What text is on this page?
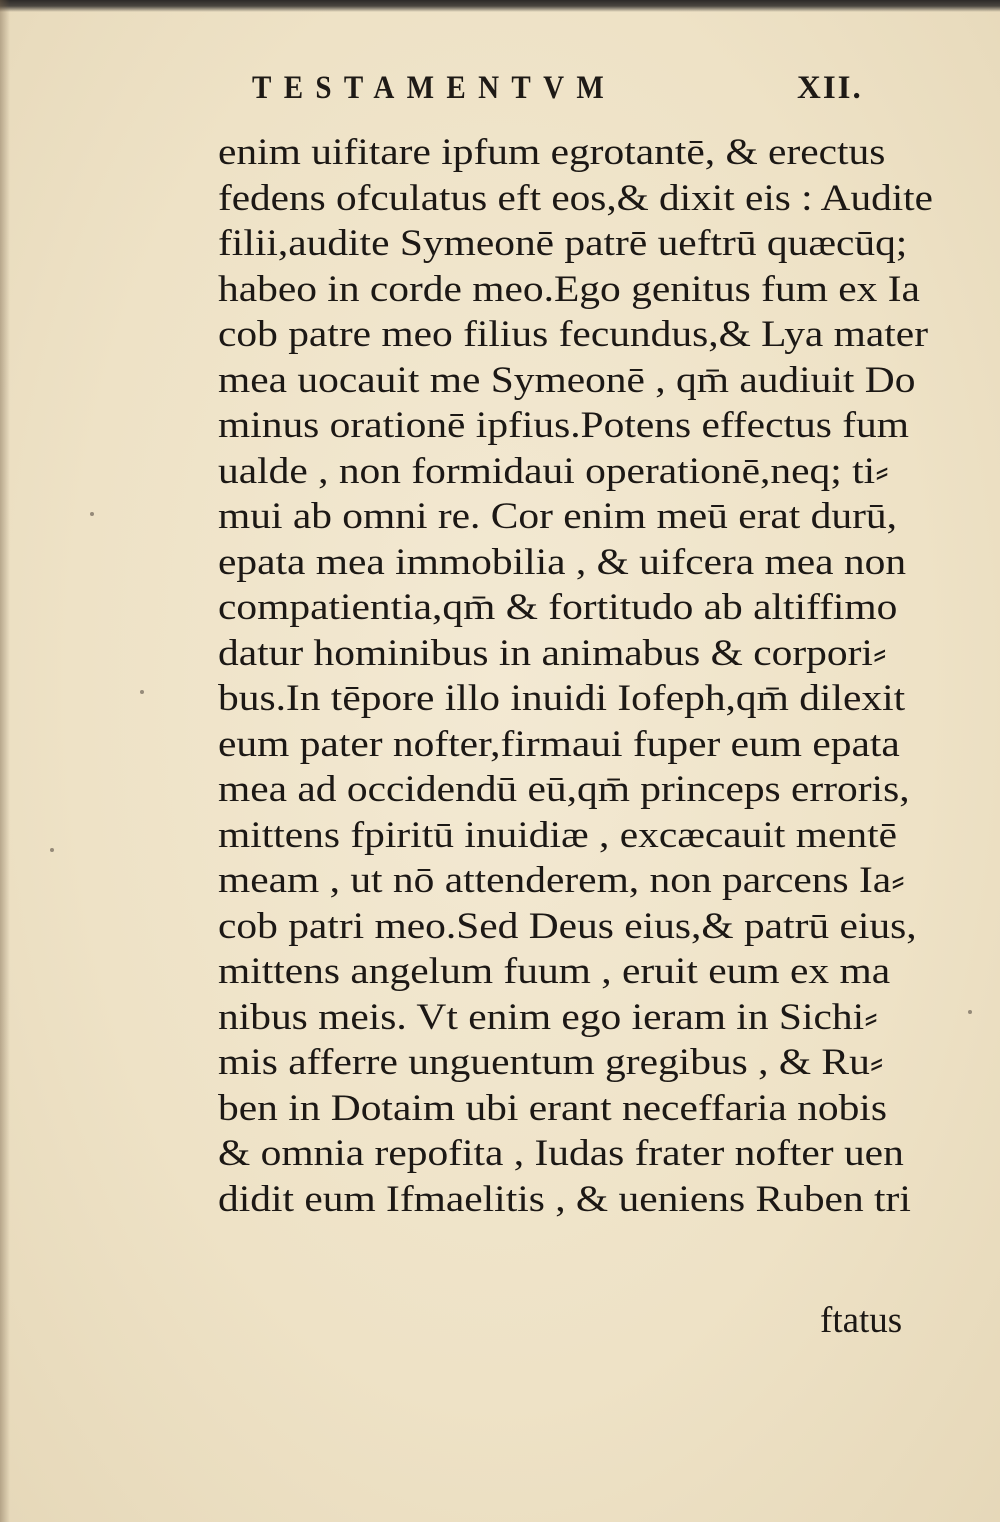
TESTAMENTVM	XII.
enim uifitare ipfum egrotantē, & erectus
fedens ofculatus eft eos,& dixit eis : Audite
filii,audite Symeonē patrē ueftrū quæcūq;
habeo in corde meo.Ego genitus fum ex Ia
cob patre meo filius fecundus,& Lya mater
mea uocauit me Symeonē , qm̄ audiuit Do
minus orationē ipfius.Potens effectus fum
ualde , non formidaui operationē,neq; ti⸗
mui ab omni re. Cor enim meū erat durū,
epata mea immobilia , & uifcera mea non
compatientia,qm̄ & fortitudo ab altiffimo
datur hominibus in animabus & corpori⸗
bus.In tēpore illo inuidi Iofeph,qm̄ dilexit
eum pater nofter,firmaui fuper eum epata
mea ad occidendū eū,qm̄ princeps erroris,
mittens fpiritū inuidiæ , excæcauit mentē
meam , ut nō attenderem, non parcens Ia⸗
cob patri meo.Sed Deus eius,& patrū eius,
mittens angelum fuum , eruit eum ex ma
nibus meis. Vt enim ego ieram in Sichi⸗
mis afferre unguentum gregibus , & Ru⸗
ben in Dotaim ubi erant neceffaria nobis
& omnia repofita , Iudas frater nofter uen
didit eum Ifmaelitis , & ueniens Ruben tri
ftatus
